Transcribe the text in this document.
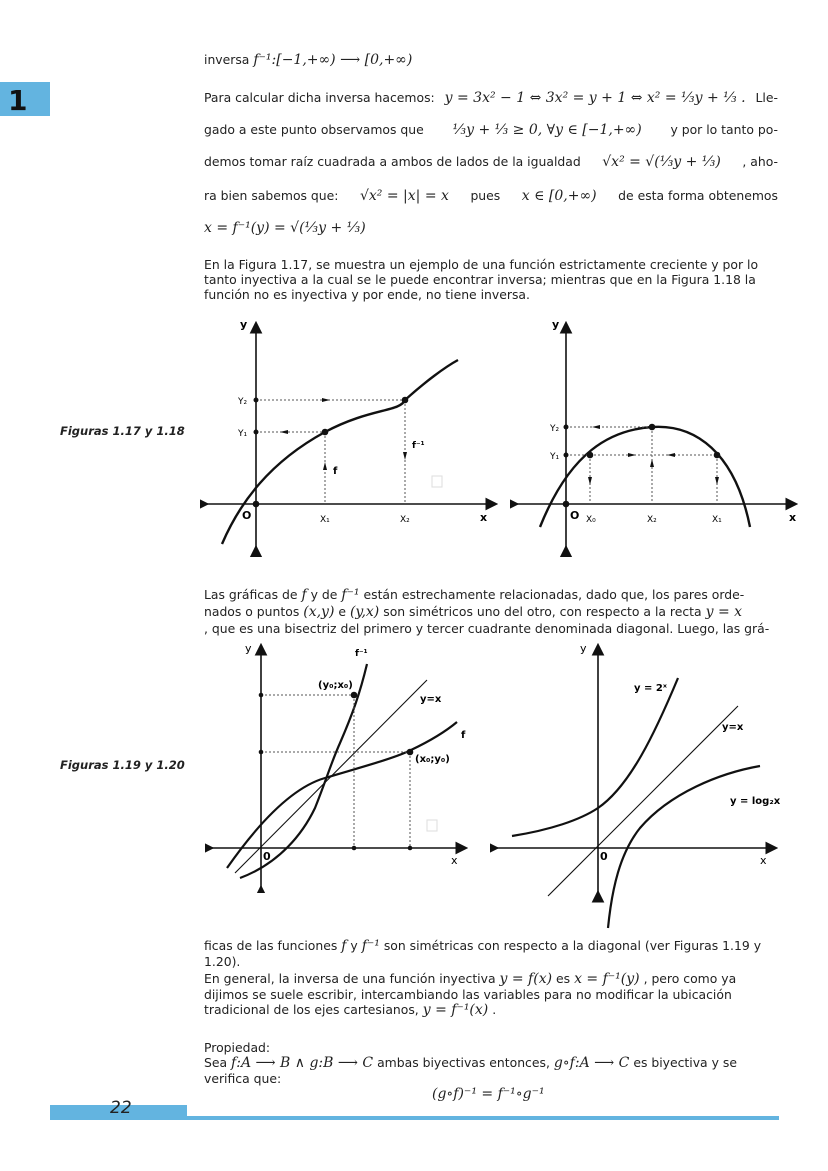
1
inversa f⁻¹:[−1,+∞) ⟶ [0,+∞)
Para calcular dicha inversa hacemos: y = 3x² − 1 ⇔ 3x² = y + 1 ⇔ x² = ⅓y + ⅓ . Lle-
gado a este punto observamos que ⅓y + ⅓ ≥ 0, ∀y ∈ [−1,+∞) y por lo tanto po-
demos tomar raíz cuadrada a ambos de lados de la igualdad √x² = √(⅓y + ⅓) , aho-
ra bien sabemos que: √x² = |x| = x pues x ∈ [0,+∞) de esta forma obtenemos
x = f⁻¹(y) = √(⅓y + ⅓)
En la Figura 1.17, se muestra un ejemplo de una función estrictamente creciente y por lo tanto inyectiva a la cual se le puede encontrar inversa; mientras que en la Figura 1.18 la función no es inyectiva y por ende, no tiene inversa.
Figuras 1.17 y 1.18
y
x
O
Y₂
Y₁
X₁	X₂
f
f⁻¹
y
x
O
Y₂
Y₁
X₀	X₂	X₁
Las gráficas de f y de f⁻¹ están estrechamente relacionadas, dado que, los pares orde-
nados o puntos (x,y) e (y,x) son simétricos uno del otro, con respecto a la recta y = x
, que es una bisectriz del primero y tercer cuadrante denominada diagonal. Luego, las grá-
Figuras 1.19 y 1.20
y
x
0
f⁻¹
(y₀;x₀)
y=x
f
(x₀;y₀)
y
x
0
y = 2ˣ
y=x
y = log₂x
ficas de las funciones f y f⁻¹ son simétricas con respecto a la diagonal (ver Figuras 1.19 y 1.20).
En general, la inversa de una función inyectiva y = f(x) es x = f⁻¹(y) , pero como ya dijimos se suele escribir, intercambiando las variables para no modificar la ubicación tradicional de los ejes cartesianos, y = f⁻¹(x) .
Propiedad:
Sea f:A ⟶ B ∧ g:B ⟶ C ambas biyectivas entonces, g∘f:A ⟶ C es biyectiva y se verifica que:
(g∘f)⁻¹ = f⁻¹∘g⁻¹
22
